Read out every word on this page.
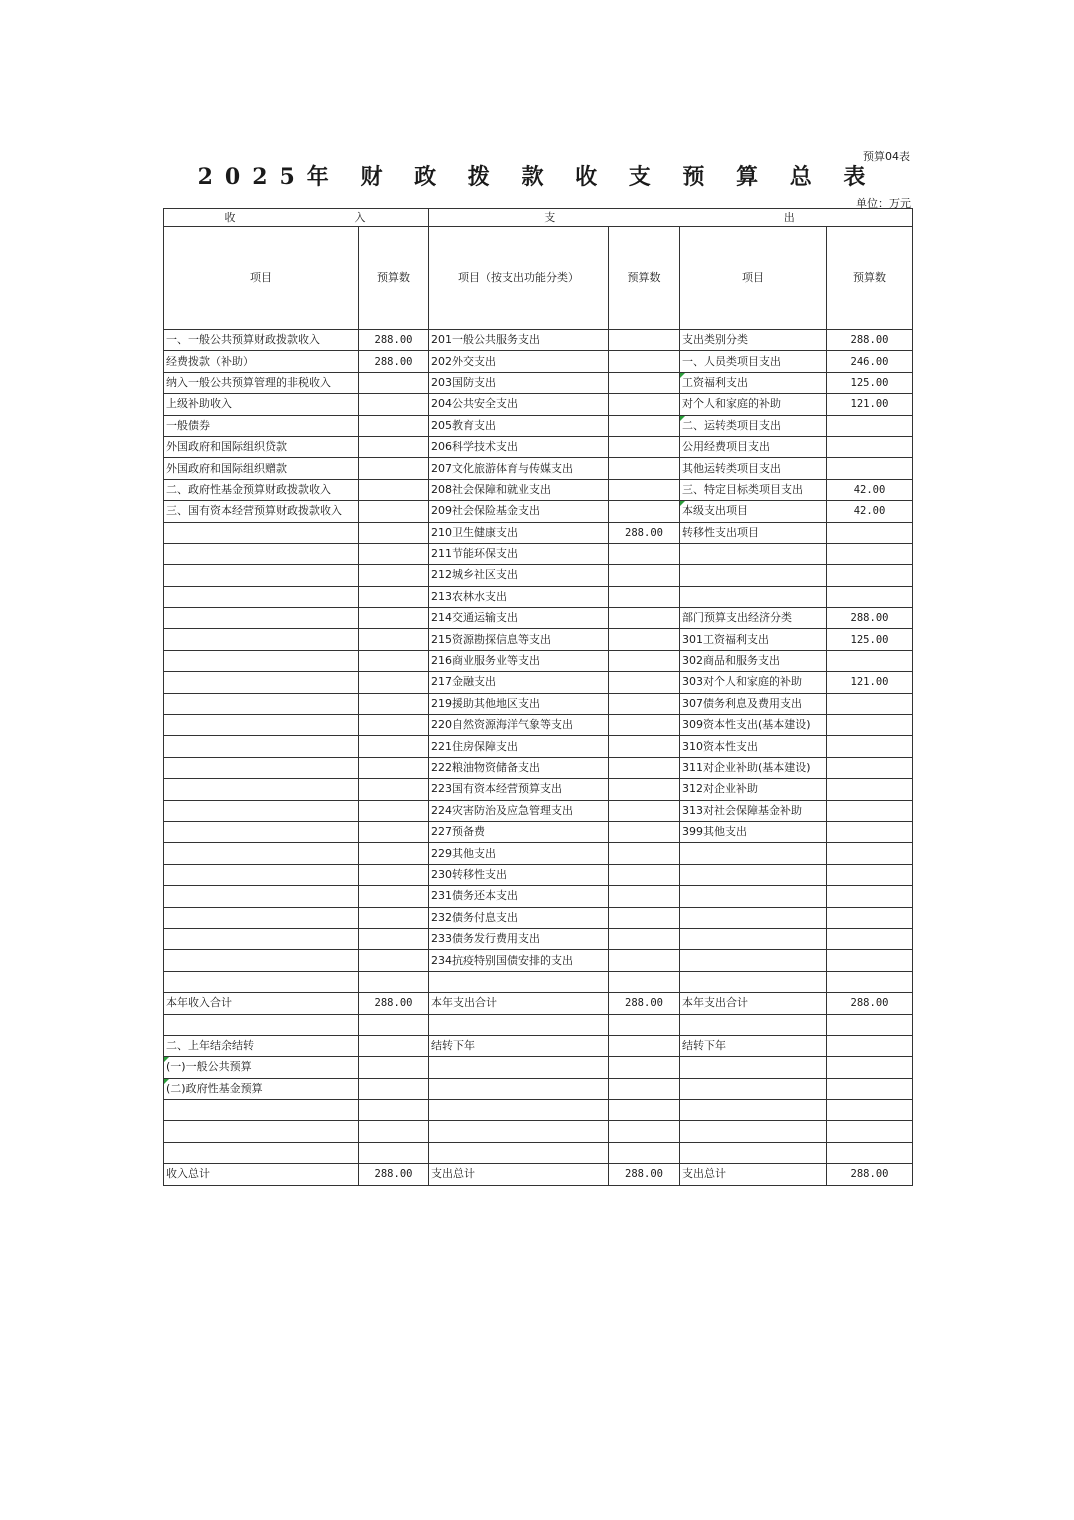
预算04表
2025年 财 政 拨 款 收 支 预 算 总 表
单位：万元
收 入		支 出			

项目	预算数	项目（按支出功能分类）	预算数	项目	预算数
一、一般公共预算财政拨款收入	288.00	201一般公共服务支出		支出类别分类	288.00
经费拨款（补助）	288.00	202外交支出		一、人员类项目支出	246.00
纳入一般公共预算管理的非税收入		203国防支出		工资福利支出	125.00
上级补助收入		204公共安全支出		对个人和家庭的补助	121.00
一般债券		205教育支出		二、运转类项目支出	
外国政府和国际组织贷款		206科学技术支出		公用经费项目支出	
外国政府和国际组织赠款		207文化旅游体育与传媒支出		其他运转类项目支出	
二、政府性基金预算财政拨款收入		208社会保障和就业支出		三、特定目标类项目支出	42.00
三、国有资本经营预算财政拨款收入		209社会保险基金支出		本级支出项目	42.00
		210卫生健康支出	288.00	转移性支出项目	
		211节能环保支出			
		212城乡社区支出			
		213农林水支出			
		214交通运输支出		部门预算支出经济分类	288.00
		215资源勘探信息等支出		301工资福利支出	125.00
		216商业服务业等支出		302商品和服务支出	
		217金融支出		303对个人和家庭的补助	121.00
		219援助其他地区支出		307债务利息及费用支出	
		220自然资源海洋气象等支出		309资本性支出(基本建设)	
		221住房保障支出		310资本性支出	
		222粮油物资储备支出		311对企业补助(基本建设)	
		223国有资本经营预算支出		312对企业补助	
		224灾害防治及应急管理支出		313对社会保障基金补助	
		227预备费		399其他支出	
		229其他支出			
		230转移性支出			
		231债务还本支出			
		232债务付息支出			
		233债务发行费用支出			
		234抗疫特别国债安排的支出			

本年收入合计	288.00	本年支出合计	288.00	本年支出合计	288.00

二、上年结余结转		结转下年		结转下年	
(一)一般公共预算					
(二)政府性基金预算					

收入总计	288.00	支出总计	288.00	支出总计	288.00
